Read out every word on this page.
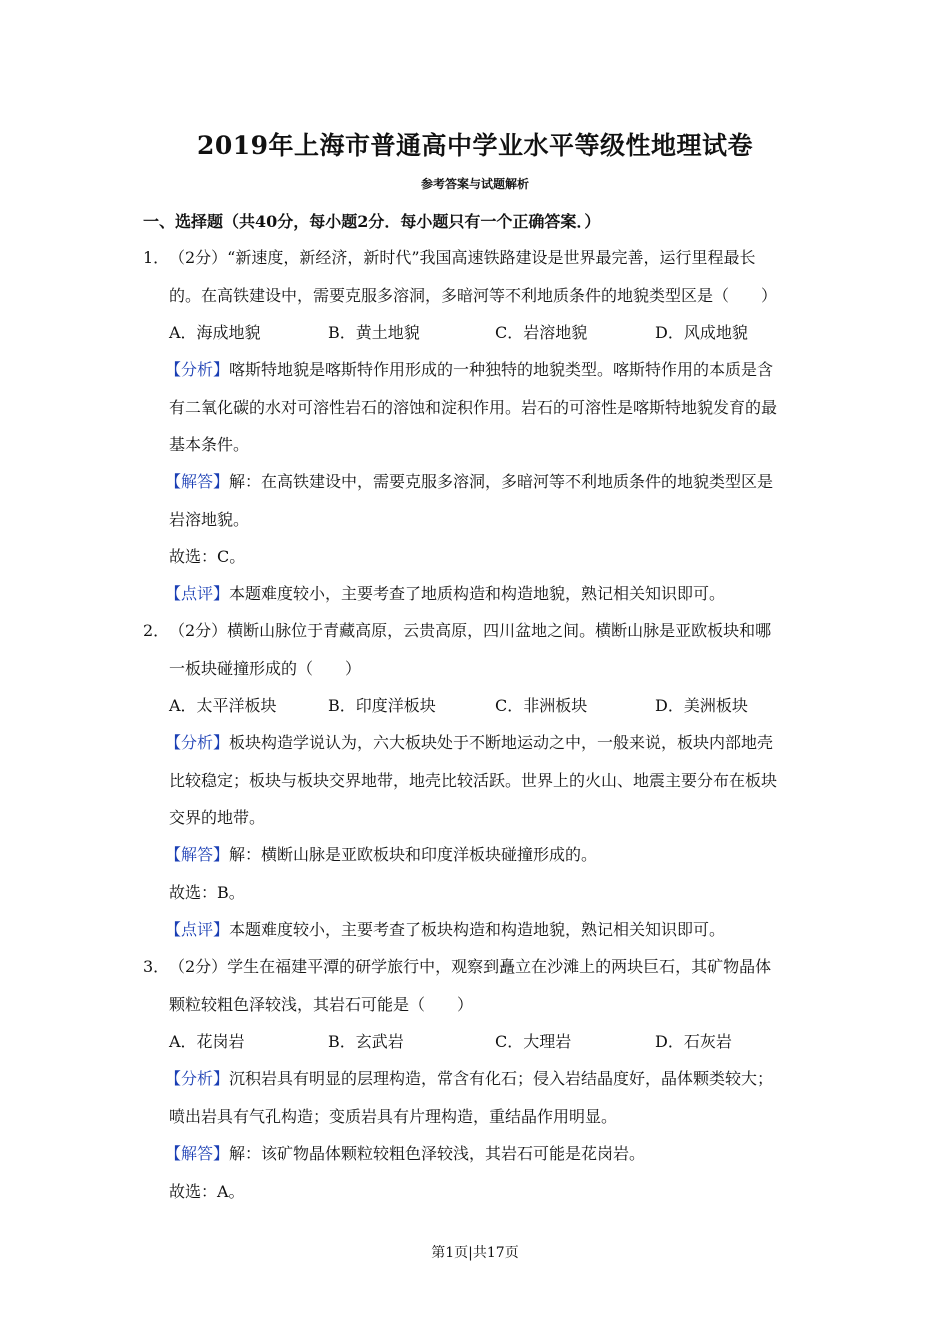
2019年上海市普通高中学业水平等级性地理试卷
参考答案与试题解析
一、选择题（共40分，每小题2分．每小题只有一个正确答案．）
1． （2分）“新速度，新经济，新时代”我国高速铁路建设是世界最完善，运行里程最长
的。在高铁建设中，需要克服多溶洞，多暗河等不利地质条件的地貌类型区是（　　）
A．海成地貌	B．黄土地貌	C．岩溶地貌	D．风成地貌
【分析】喀斯特地貌是喀斯特作用形成的一种独特的地貌类型。喀斯特作用的本质是含
有二氧化碳的水对可溶性岩石的溶蚀和淀积作用。岩石的可溶性是喀斯特地貌发育的最
基本条件。
【解答】解：在高铁建设中，需要克服多溶洞，多暗河等不利地质条件的地貌类型区是
岩溶地貌。
故选：C。
【点评】本题难度较小，主要考查了地质构造和构造地貌，熟记相关知识即可。
2． （2分）横断山脉位于青藏高原，云贵高原，四川盆地之间。横断山脉是亚欧板块和哪
一板块碰撞形成的（　　）
A．太平洋板块	B．印度洋板块	C．非洲板块	D．美洲板块
【分析】板块构造学说认为，六大板块处于不断地运动之中，一般来说，板块内部地壳
比较稳定；板块与板块交界地带，地壳比较活跃。世界上的火山、地震主要分布在板块
交界的地带。
【解答】解：横断山脉是亚欧板块和印度洋板块碰撞形成的。
故选：B。
【点评】本题难度较小，主要考查了板块构造和构造地貌，熟记相关知识即可。
3． （2分）学生在福建平潭的研学旅行中，观察到矗立在沙滩上的两块巨石，其矿物晶体
颗粒较粗色泽较浅，其岩石可能是（　　）
A．花岗岩	B．玄武岩	C．大理岩	D．石灰岩
【分析】沉积岩具有明显的层理构造，常含有化石；侵入岩结晶度好，晶体颗类较大；
喷出岩具有气孔构造；变质岩具有片理构造，重结晶作用明显。
【解答】解：该矿物晶体颗粒较粗色泽较浅，其岩石可能是花岗岩。
故选：A。
第1页|共17页
